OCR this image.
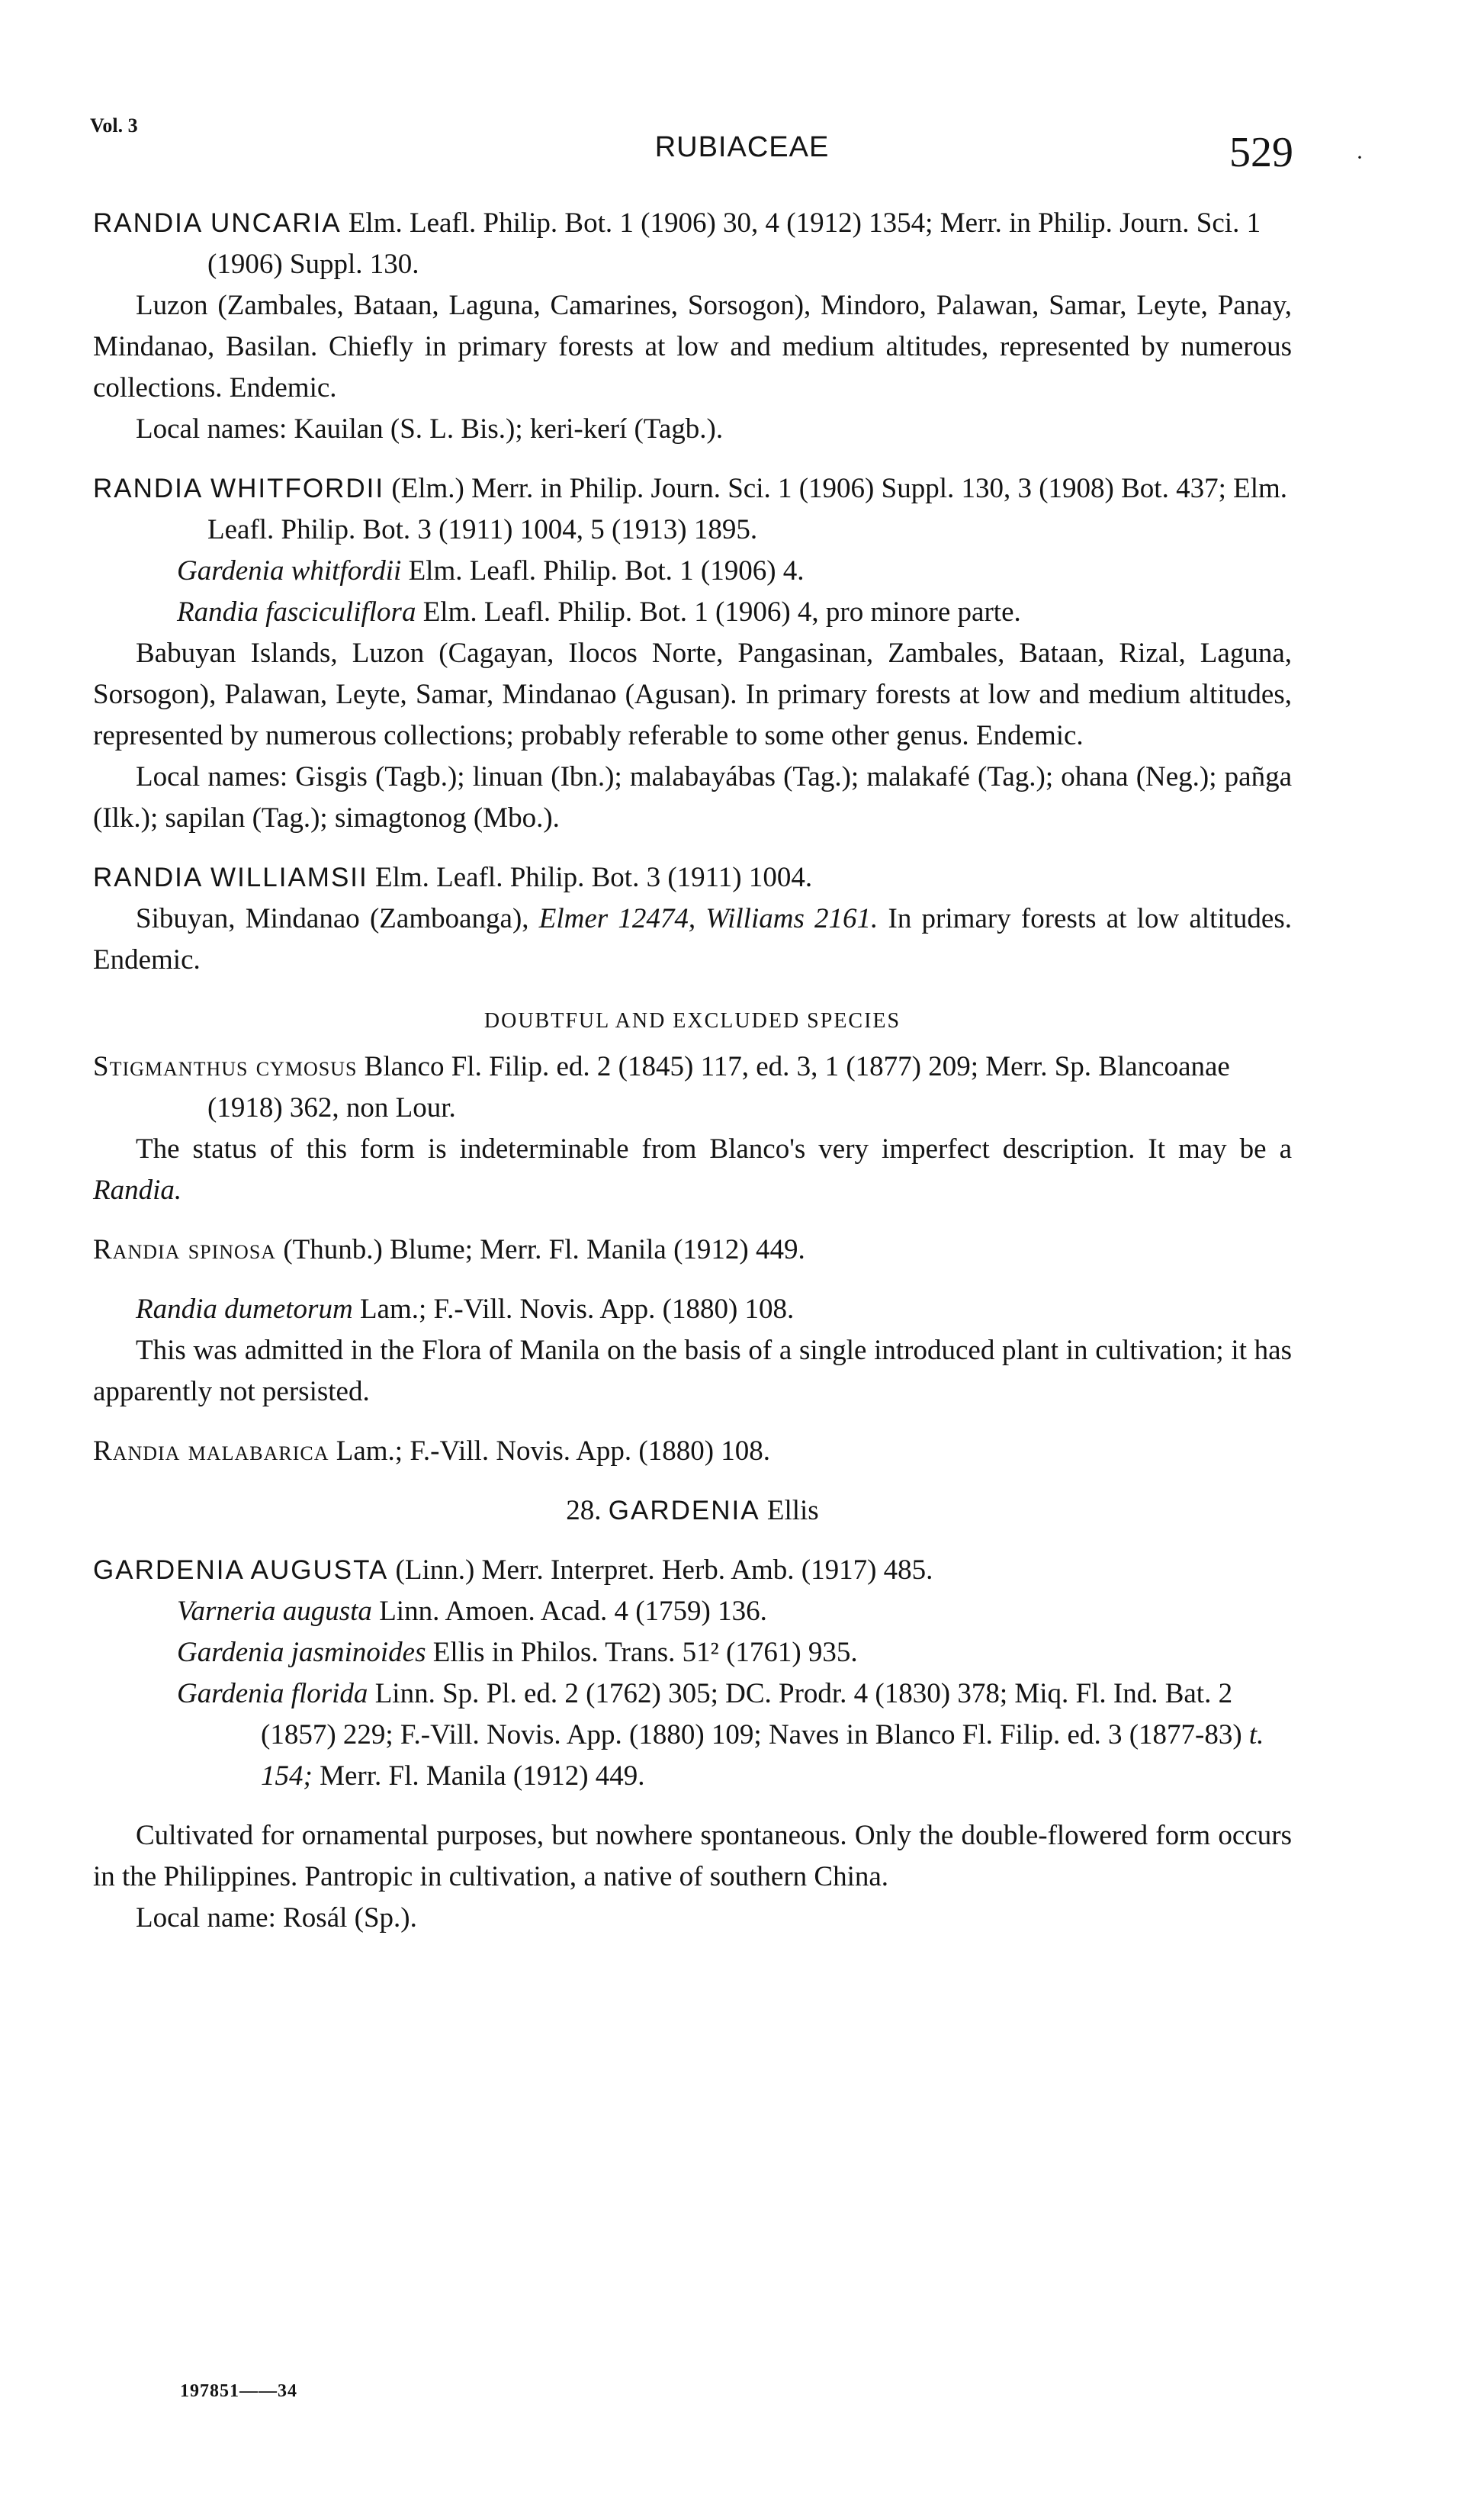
Vol. 3
RUBIACEAE	529	·

RANDIA UNCARIA Elm. Leafl. Philip. Bot. 1 (1906) 30, 4 (1912) 1354; Merr. in Philip. Journ. Sci. 1 (1906) Suppl. 130.

Luzon (Zambales, Bataan, Laguna, Camarines, Sorsogon), Mindoro, Palawan, Samar, Leyte, Panay, Mindanao, Basilan. Chiefly in primary forests at low and medium altitudes, represented by numerous collections. Endemic.

Local names: Kauilan (S. L. Bis.); keri-kerí (Tagb.).

RANDIA WHITFORDII (Elm.) Merr. in Philip. Journ. Sci. 1 (1906) Suppl. 130, 3 (1908) Bot. 437; Elm. Leafl. Philip. Bot. 3 (1911) 1004, 5 (1913) 1895.

Gardenia whitfordii Elm. Leafl. Philip. Bot. 1 (1906) 4.

Randia fasciculiflora Elm. Leafl. Philip. Bot. 1 (1906) 4, pro minore parte.

Babuyan Islands, Luzon (Cagayan, Ilocos Norte, Pangasinan, Zambales, Bataan, Rizal, Laguna, Sorsogon), Palawan, Leyte, Samar, Mindanao (Agusan). In primary forests at low and medium altitudes, represented by numerous collections; probably referable to some other genus. Endemic.

Local names: Gisgis (Tagb.); linuan (Ibn.); malabayábas (Tag.); malakafé (Tag.); ohana (Neg.); pañga (Ilk.); sapilan (Tag.); simagtonog (Mbo.).

RANDIA WILLIAMSII Elm. Leafl. Philip. Bot. 3 (1911) 1004.

Sibuyan, Mindanao (Zamboanga), Elmer 12474, Williams 2161. In primary forests at low altitudes. Endemic.

DOUBTFUL AND EXCLUDED SPECIES

Stigmanthus cymosus Blanco Fl. Filip. ed. 2 (1845) 117, ed. 3, 1 (1877) 209; Merr. Sp. Blancoanae (1918) 362, non Lour.

The status of this form is indeterminable from Blanco's very imperfect description. It may be a Randia.

Randia spinosa (Thunb.) Blume; Merr. Fl. Manila (1912) 449.

Randia dumetorum Lam.; F.-Vill. Novis. App. (1880) 108.

This was admitted in the Flora of Manila on the basis of a single introduced plant in cultivation; it has apparently not persisted.

Randia malabarica Lam.; F.-Vill. Novis. App. (1880) 108.

28. GARDENIA Ellis

GARDENIA AUGUSTA (Linn.) Merr. Interpret. Herb. Amb. (1917) 485.

Varneria augusta Linn. Amoen. Acad. 4 (1759) 136.

Gardenia jasminoides Ellis in Philos. Trans. 51² (1761) 935.

Gardenia florida Linn. Sp. Pl. ed. 2 (1762) 305; DC. Prodr. 4 (1830) 378; Miq. Fl. Ind. Bat. 2 (1857) 229; F.-Vill. Novis. App. (1880) 109; Naves in Blanco Fl. Filip. ed. 3 (1877-83) t. 154; Merr. Fl. Manila (1912) 449.

Cultivated for ornamental purposes, but nowhere spontaneous. Only the double-flowered form occurs in the Philippines. Pantropic in cultivation, a native of southern China.

Local name: Rosál (Sp.).

197851——34
